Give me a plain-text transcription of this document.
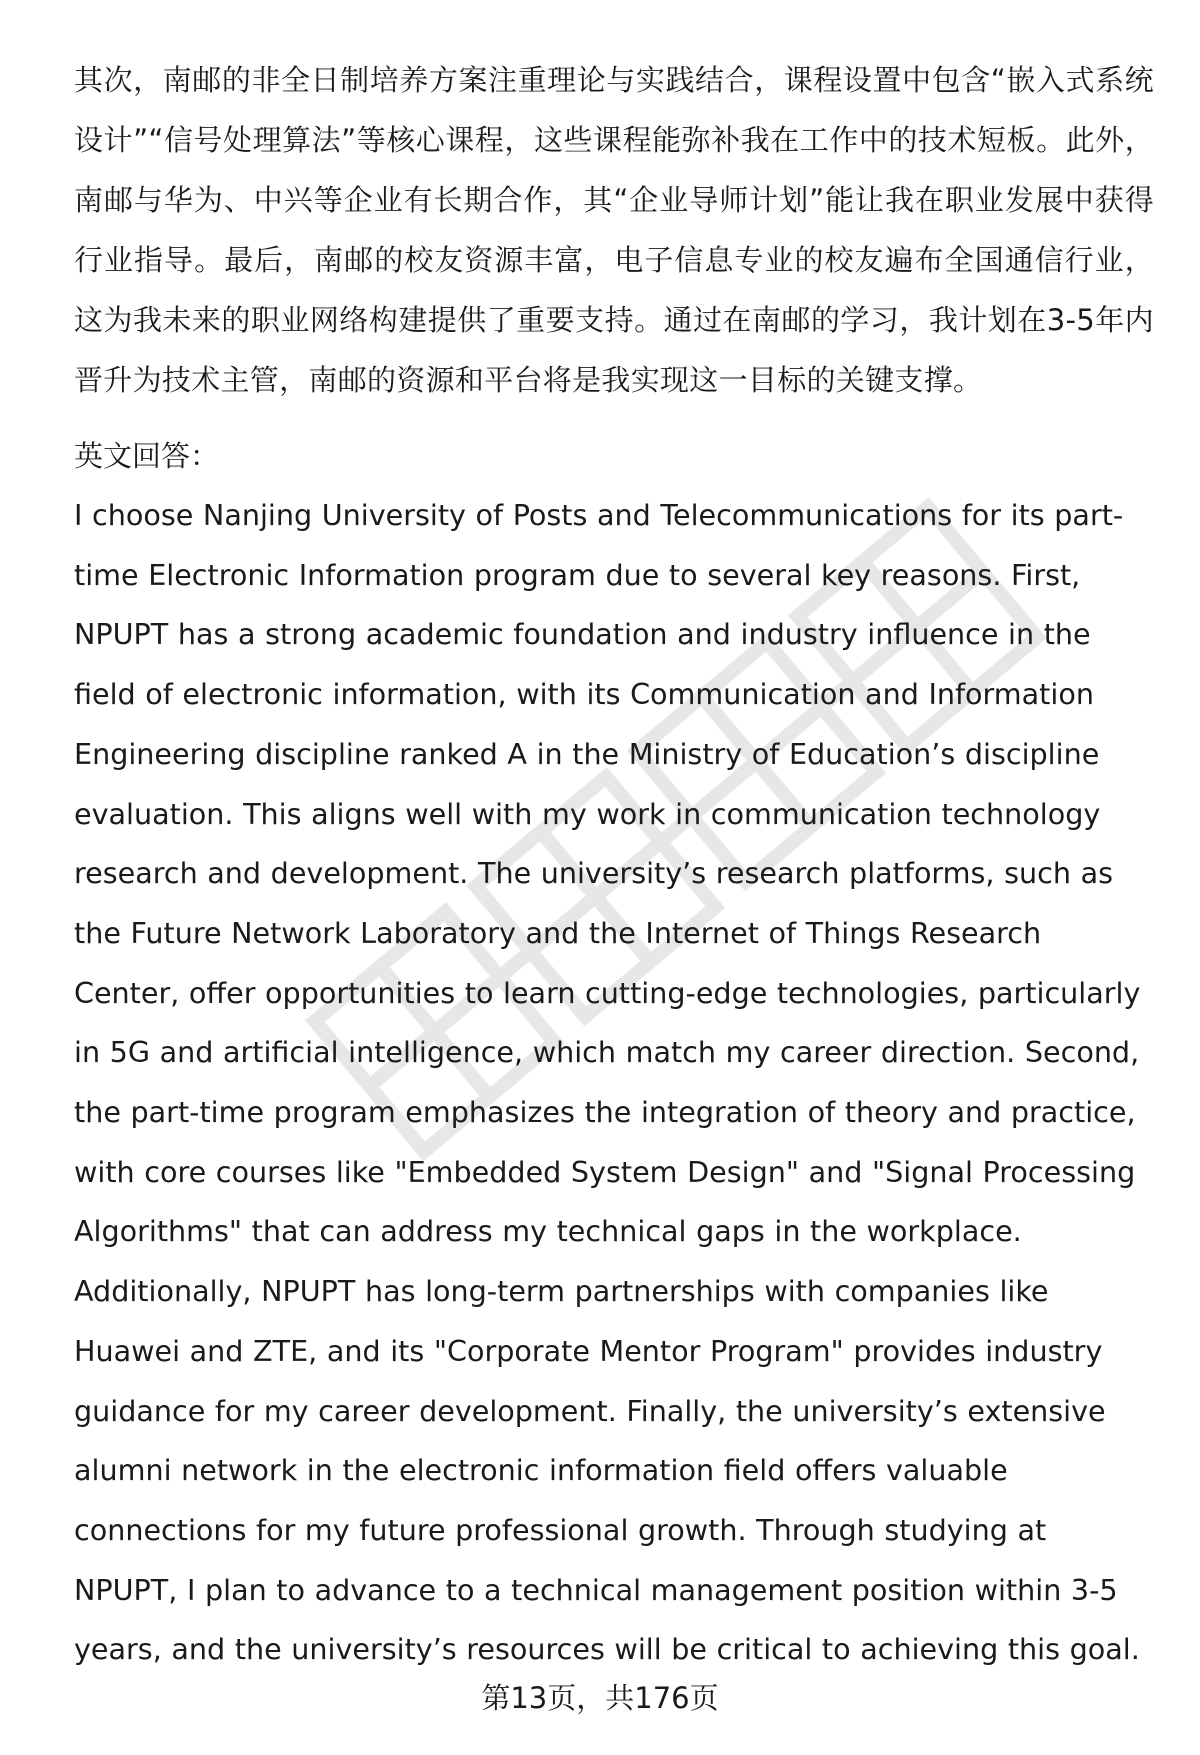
其次，南邮的非全日制培养方案注重理论与实践结合，课程设置中包含“嵌入式系统设计”“信号处理算法”等核心课程，这些课程能弥补我在工作中的技术短板。此外，南邮与华为、中兴等企业有长期合作，其“企业导师计划”能让我在职业发展中获得行业指导。最后，南邮的校友资源丰富，电子信息专业的校友遍布全国通信行业，这为我未来的职业网络构建提供了重要支持。通过在南邮的学习，我计划在3-5年内晋升为技术主管，南邮的资源和平台将是我实现这一目标的关键支撑。

英文回答：

I choose Nanjing University of Posts and Telecommunications for its part-time Electronic Information program due to several key reasons. First, NPUPT has a strong academic foundation and industry influence in the field of electronic information, with its Communication and Information Engineering discipline ranked A in the Ministry of Education’s discipline evaluation. This aligns well with my work in communication technology research and development. The university’s research platforms, such as the Future Network Laboratory and the Internet of Things Research Center, offer opportunities to learn cutting-edge technologies, particularly in 5G and artificial intelligence, which match my career direction. Second, the part-time program emphasizes the integration of theory and practice, with core courses like "Embedded System Design" and "Signal Processing Algorithms" that can address my technical gaps in the workplace. Additionally, NPUPT has long-term partnerships with companies like Huawei and ZTE, and its "Corporate Mentor Program" provides industry guidance for my career development. Finally, the university’s extensive alumni network in the electronic information field offers valuable connections for my future professional growth. Through studying at NPUPT, I plan to advance to a technical management position within 3-5 years, and the university’s resources will be critical to achieving this goal.

第13页，共176页
